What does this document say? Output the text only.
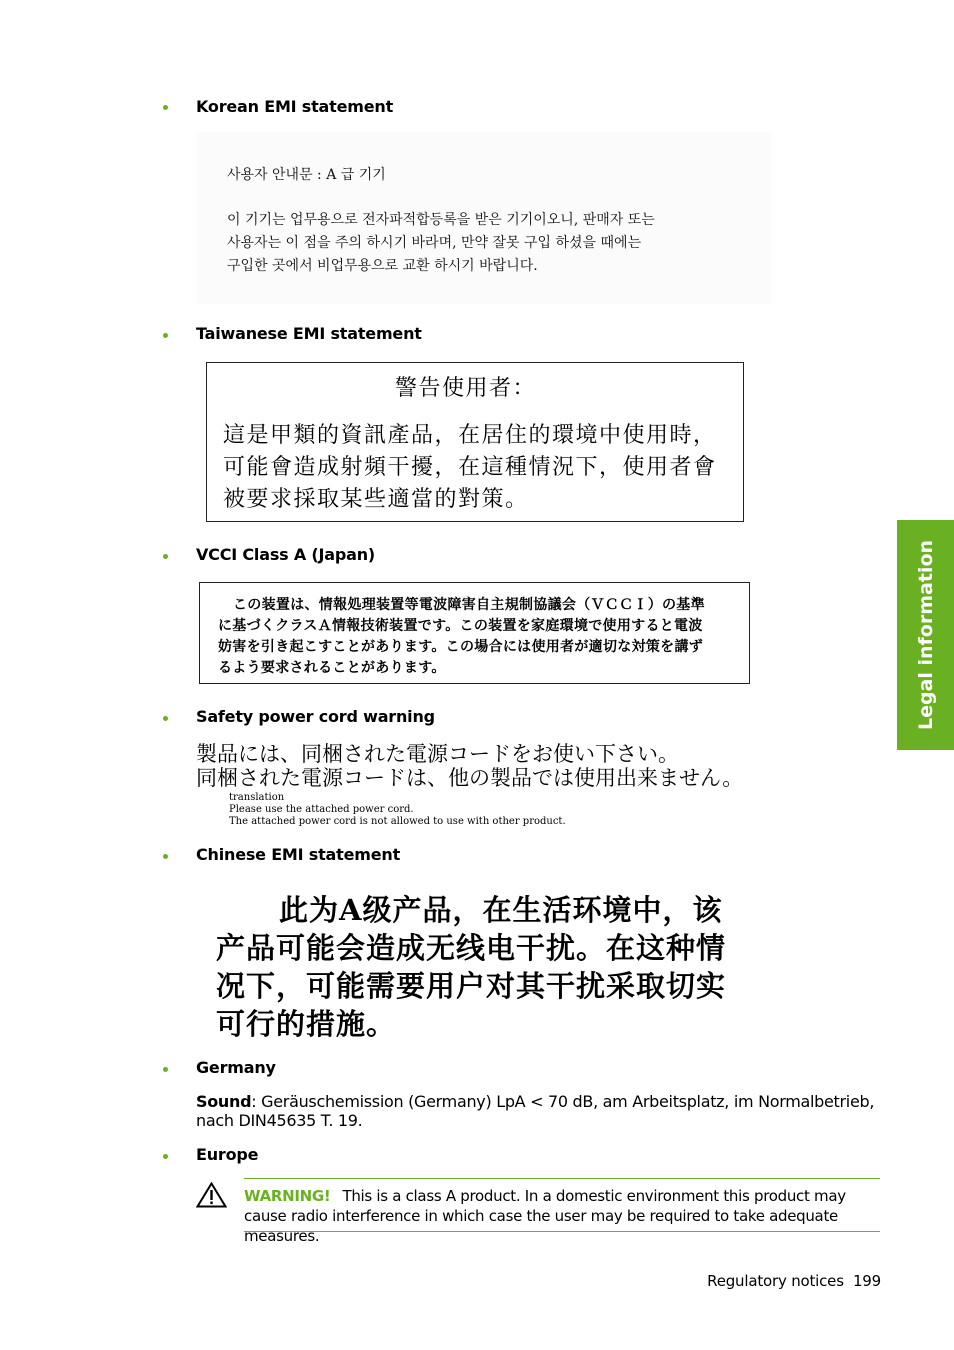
Legal information
Korean EMI statement
사용자 안내문 : A 급 기기
이 기기는 업무용으로 전자파적합등록을 받은 기기이오니, 판매자 또는
사용자는 이 점을 주의 하시기 바라며, 만약 잘못 구입 하셨을 때에는
구입한 곳에서 비업무용으로 교환 하시기 바랍니다.
Taiwanese EMI statement
警告使用者：
這是甲類的資訊產品，在居住的環境中使用時，
可能會造成射頻干擾，在這種情況下，使用者會
被要求採取某些適當的對策。
VCCI Class A (Japan)
この装置は、情報処理装置等電波障害自主規制協議会（ＶＣＣＩ）の基準
に基づくクラスＡ情報技術装置です。この装置を家庭環境で使用すると電波
妨害を引き起こすことがあります。この場合には使用者が適切な対策を講ず
るよう要求されることがあります。
Safety power cord warning
製品には、同梱された電源コードをお使い下さい。
同梱された電源コードは、他の製品では使用出来ません。
translation
Please use the attached power cord.
The attached power cord is not allowed to use with other product.
Chinese EMI statement
此为A级产品，在生活环境中，该
产品可能会造成无线电干扰。在这种情
况下，可能需要用户对其干扰采取切实
可行的措施。
Germany
Sound: Geräuschemission (Germany) LpA < 70 dB, am Arbeitsplatz, im Normalbetrieb, nach DIN45635 T. 19.
Europe
WARNING! This is a class A product. In a domestic environment this product may cause radio interference in which case the user may be required to take adequate measures.
Regulatory notices 199
